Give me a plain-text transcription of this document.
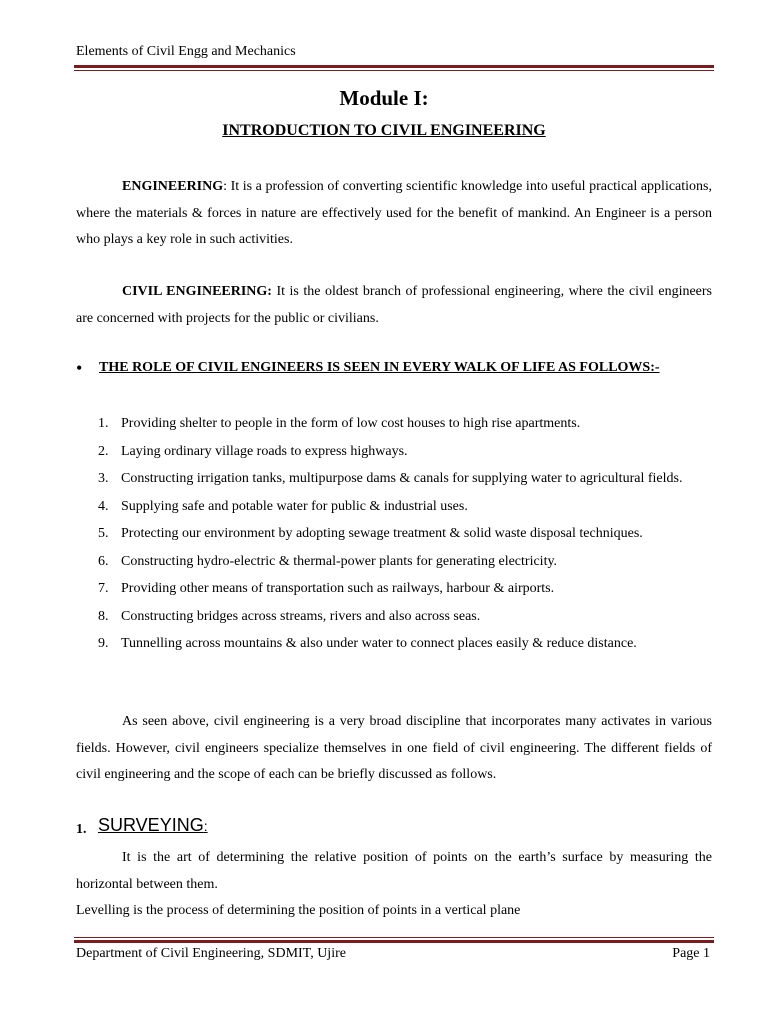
Elements of Civil Engg and Mechanics
Module I:
INTRODUCTION TO CIVIL ENGINEERING

ENGINEERING: It is a profession of converting scientific knowledge into useful practical applications, where the materials & forces in nature are effectively used for the benefit of mankind. An Engineer is a person who plays a key role in such activities.

CIVIL ENGINEERING: It is the oldest branch of professional engineering, where the civil engineers are concerned with projects for the public or civilians.

• THE ROLE OF CIVIL ENGINEERS IS SEEN IN EVERY WALK OF LIFE AS FOLLOWS:-
1. Providing shelter to people in the form of low cost houses to high rise apartments.
2. Laying ordinary village roads to express highways.
3. Constructing irrigation tanks, multipurpose dams & canals for supplying water to agricultural fields.
4. Supplying safe and potable water for public & industrial uses.
5. Protecting our environment by adopting sewage treatment & solid waste disposal techniques.
6. Constructing hydro-electric & thermal-power plants for generating electricity.
7. Providing other means of transportation such as railways, harbour & airports.
8. Constructing bridges across streams, rivers and also across seas.
9. Tunnelling across mountains & also under water to connect places easily & reduce distance.

As seen above, civil engineering is a very broad discipline that incorporates many activates in various fields. However, civil engineers specialize themselves in one field of civil engineering. The different fields of civil engineering and the scope of each can be briefly discussed as follows.

1. SURVEYING:

It is the art of determining the relative position of points on the earth’s surface by measuring the horizontal between them.

Levelling is the process of determining the position of points in a vertical plane

Department of Civil Engineering, SDMIT, Ujire	Page 1
